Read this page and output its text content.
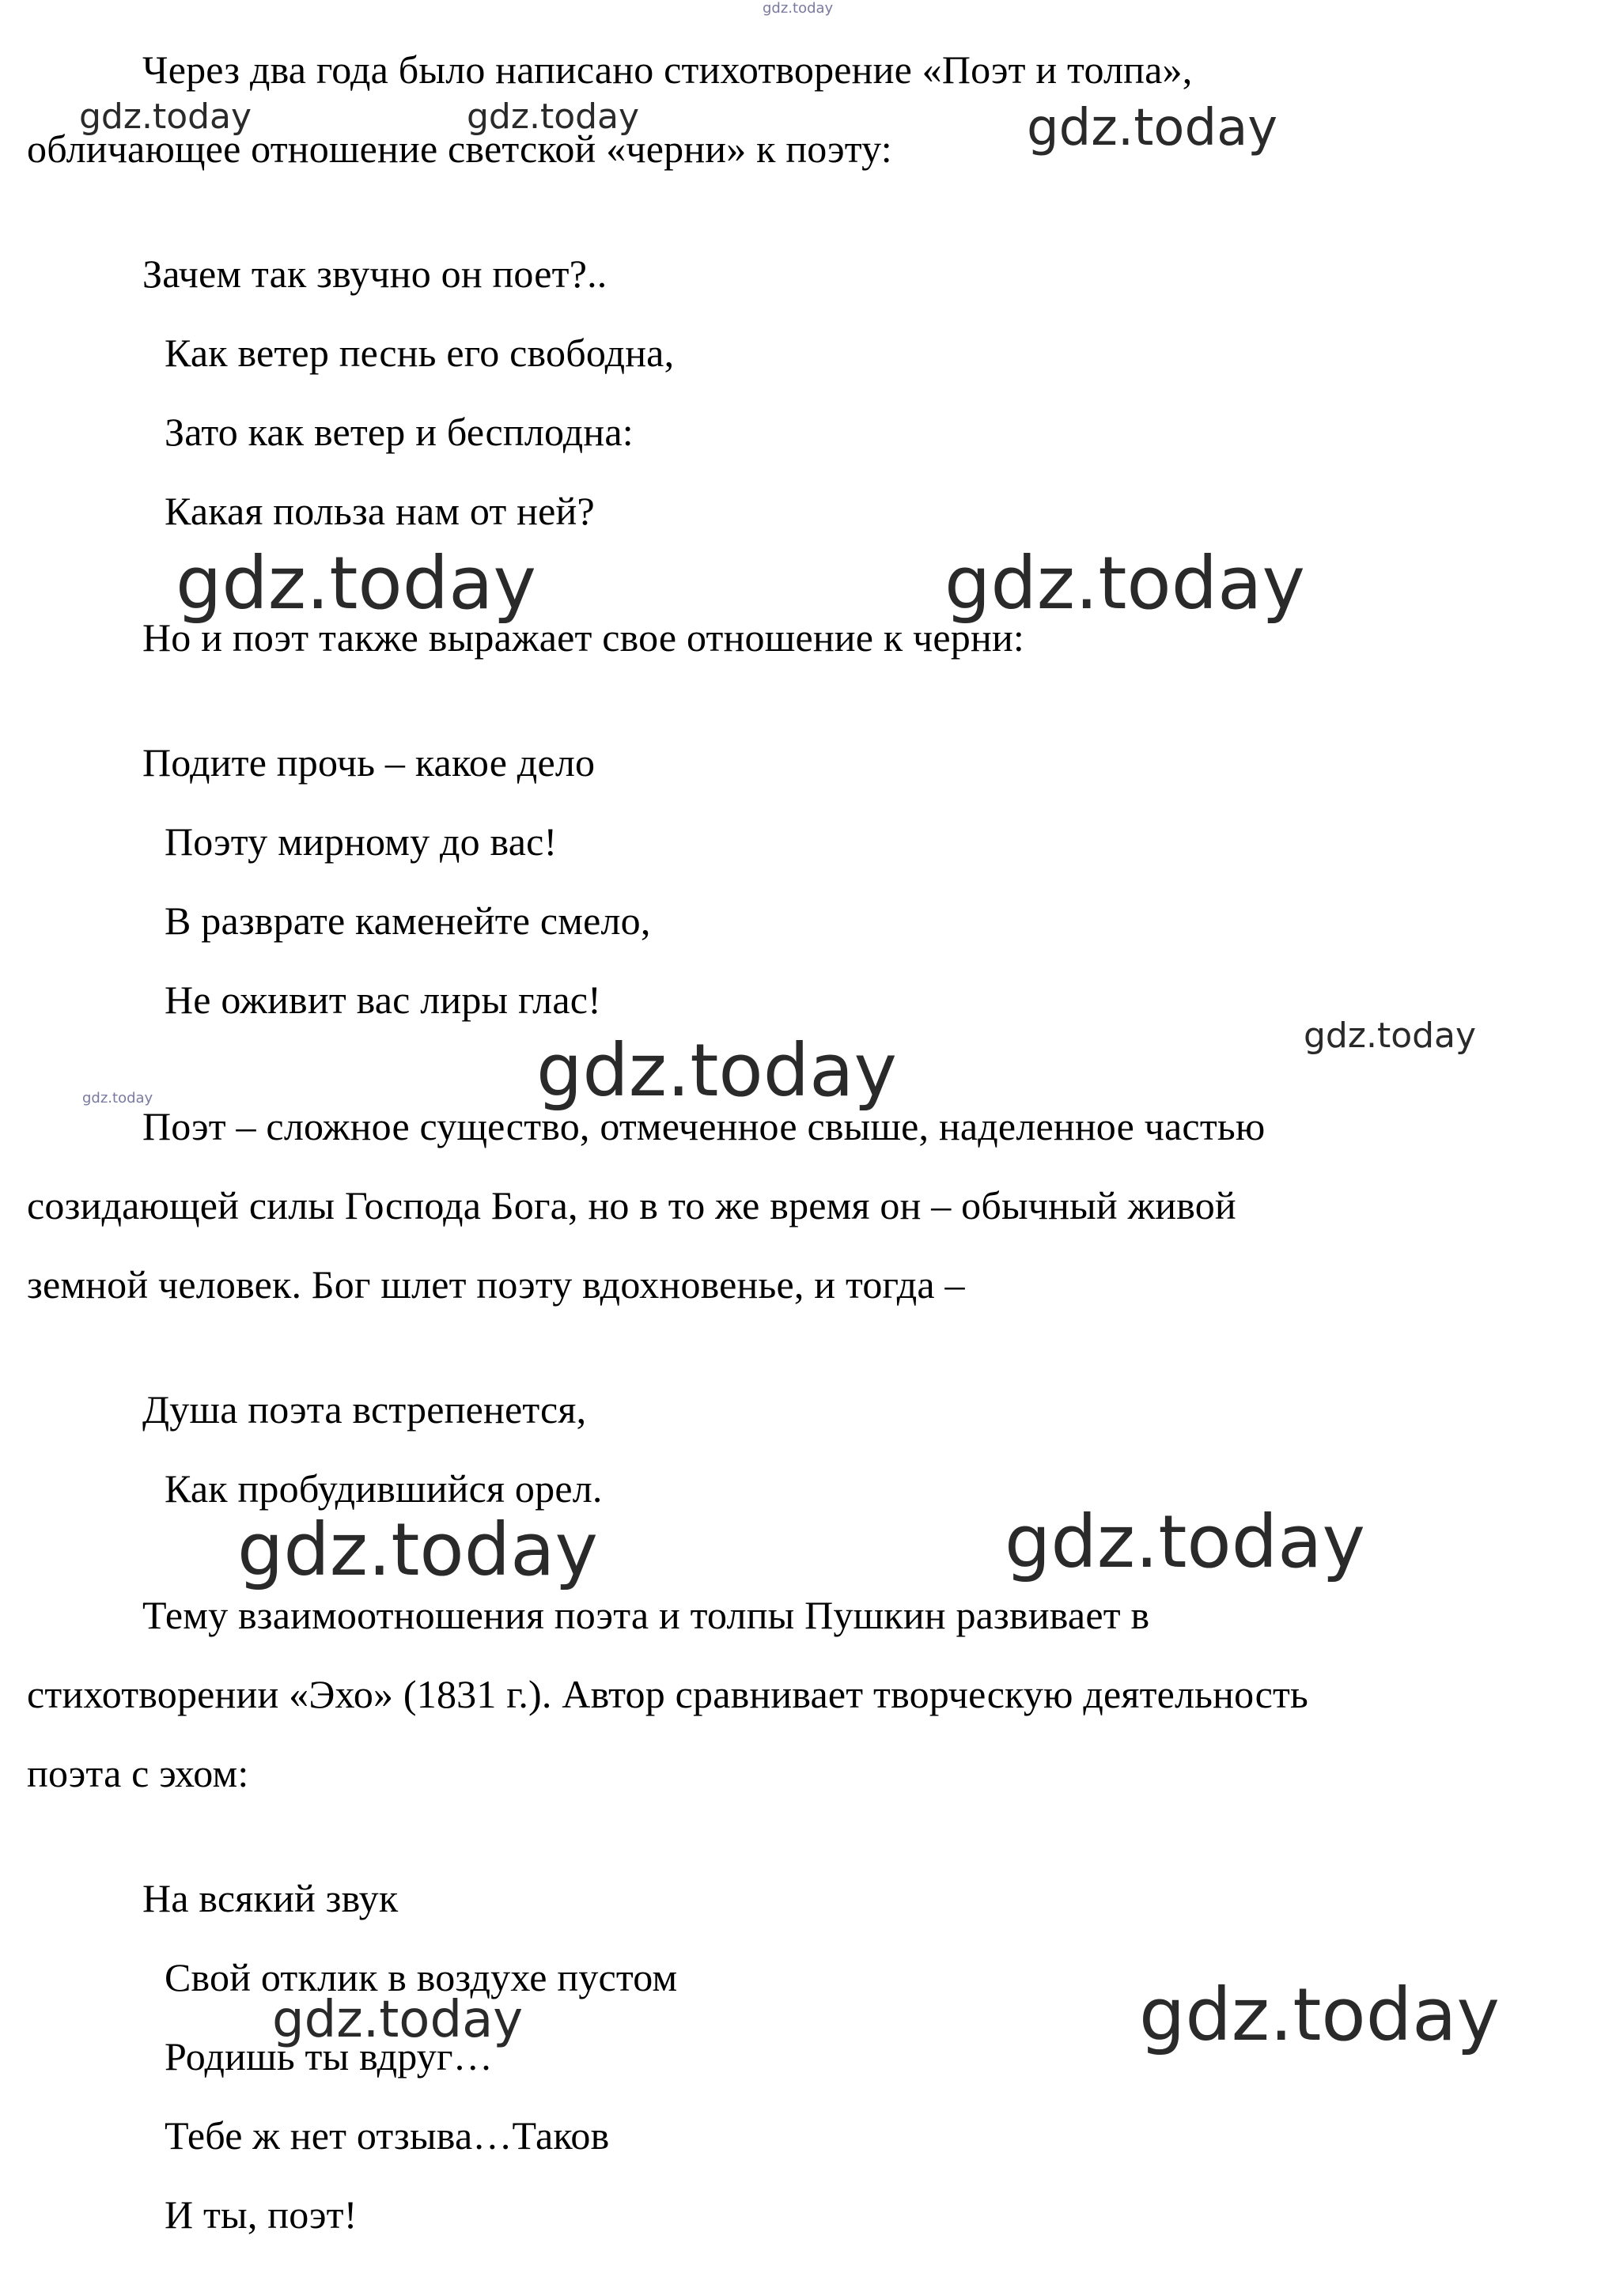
Через два года было написано стихотворение «Поэт и толпа»,
обличающее отношение светской «черни» к поэту:
Зачем так звучно он поет?..
Как ветер песнь его свободна,
Зато как ветер и бесплодна:
Какая польза нам от ней?
Но и поэт также выражает свое отношение к черни:
Подите прочь – какое дело
Поэту мирному до вас!
В разврате каменейте смело,
Не оживит вас лиры глас!
Поэт – сложное существо, отмеченное свыше, наделенное частью
созидающей силы Господа Бога, но в то же время он – обычный живой
земной человек. Бог шлет поэту вдохновенье, и тогда –
Душа поэта встрепенется,
Как пробудившийся орел.
Тему взаимоотношения поэта и толпы Пушкин развивает в
стихотворении «Эхо» (1831 г.). Автор сравнивает творческую деятельность
поэта с эхом:
На всякий звук
Свой отклик в воздухе пустом
Родишь ты вдруг…
Тебе ж нет отзыва…Таков
И ты, поэт!
gdz.today
gdz.today	gdz.today	gdz.today
gdz.today	gdz.today
gdz.today
gdz.today
gdz.today
gdz.today	gdz.today
gdz.today	gdz.today
